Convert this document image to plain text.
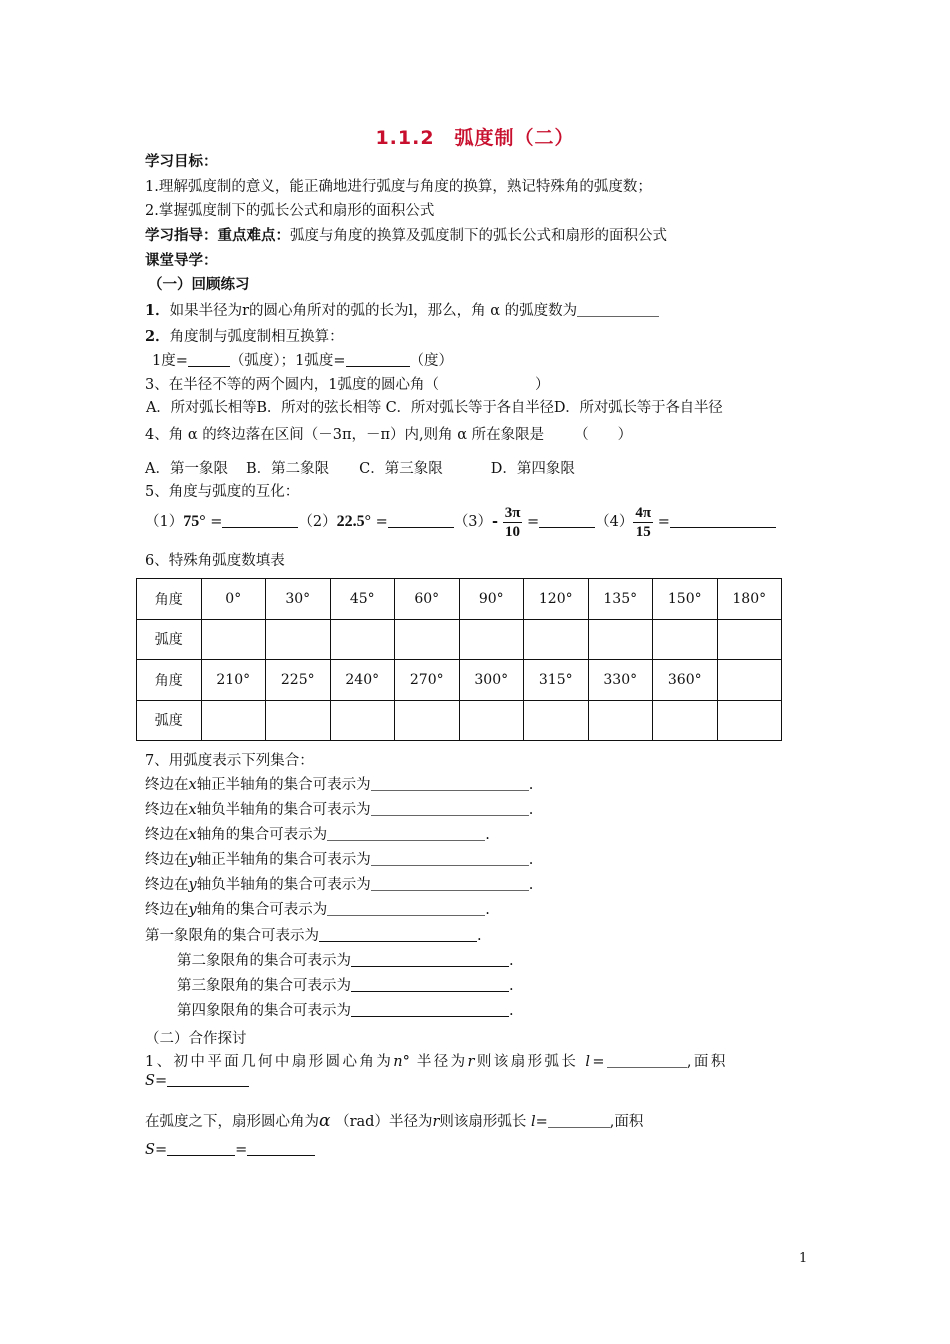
1.1.2　弧度制（二）
学习目标：
1.理解弧度制的意义，能正确地进行弧度与角度的换算，熟记特殊角的弧度数；
2.掌握弧度制下的弧长公式和扇形的面积公式
学习指导：重点难点：弧度与角度的换算及弧度制下的弧长公式和扇形的面积公式
课堂导学：
（一）回顾练习
1．如果半径为r的圆心角所对的弧的长为l，那么，角 α 的弧度数为
2．角度制与弧度制相互换算：
1度=	（弧度）；1弧度=	（度）
3、在半径不等的两个圆内，1弧度的圆心角（	）
A．所对弧长相等B．所对的弦长相等 C．所对弧长等于各自半径D．所对弧长等于各自半径
4、角 α 的终边落在区间（－3π，－π）内,则角 α 所在象限是 （　　）
A．第一象限 B．第二象限 C．第三象限	D．第四象限
5、角度与弧度的互化：
（1）75° =	（2）22.5° =	$(3)- \frac{3\pi}{10}$ =	$(4) \frac{4\pi}{15}$ =
6、特殊角弧度数填表
角度	0°	30°	45°	60°	90°	120°	135°	150°	180°
弧度									
角度	210°	225°	240°	270°	300°	315°	330°	360°	
弧度									
7、用弧度表示下列集合：
终边在x轴正半轴角的集合可表示为	.
终边在x轴负半轴角的集合可表示为	.
终边在x轴角的集合可表示为	.
终边在y轴正半轴角的集合可表示为	.
终边在y轴负半轴角的集合可表示为	.
终边在y轴角的集合可表示为	.
第一象限角的集合可表示为	.
第二象限角的集合可表示为	.
第三象限角的集合可表示为	.
第四象限角的集合可表示为	.
（二）合作探讨
1、初中平面几何中扇形圆心角为n° 半径为r则该扇形弧长 l=	,面积
S=
在弧度之下，扇形圆心角为α （rad）半径为r则该扇形弧长 l=	,面积
S=	=
1
